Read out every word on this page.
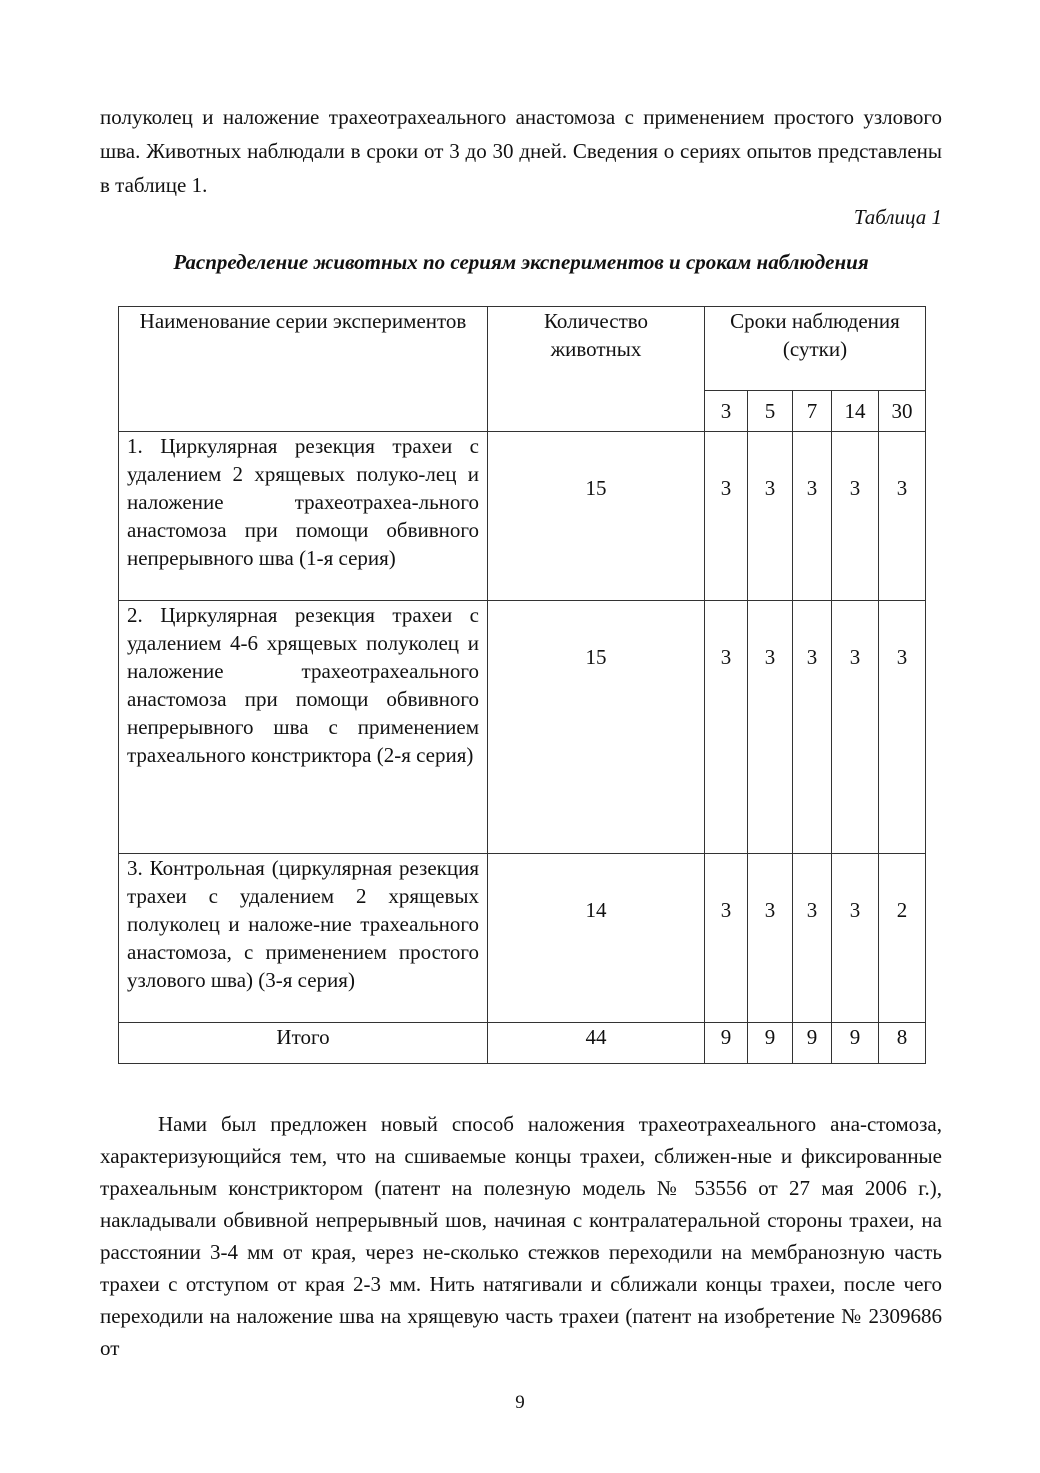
полуколец и наложение трахеотрахеального анастомоза с применением простого узлового шва. Животных наблюдали в сроки от 3 до 30 дней. Сведения о сериях опытов представлены в таблице 1.

Таблица 1
Распределение животных по сериям экспериментов и срокам наблюдения
Наименование серии экспериментов	Количество животных	Сроки наблюдения (сутки)				
		3	5	7	14	30
1. Циркулярная резекция трахеи с удалением 2 хрящевых полуко-лец и наложение трахеотрахеа-льного анастомоза при помощи обвивного непрерывного шва (1-я серия)	15	3	3	3	3	3
2. Циркулярная резекция трахеи с удалением 4-6 хрящевых полуколец и наложение трахеотрахеального анастомоза при помощи обвивного непрерывного шва с применением трахеального констриктора (2-я серия)	15	3	3	3	3	3
3. Контрольная (циркулярная резекция трахеи с удалением 2 хрящевых полуколец и наложе-ние трахеального анастомоза, с применением простого узлового шва) (3-я серия)	14	3	3	3	3	2
Итого	44	9	9	9	9	8

Нами был предложен новый способ наложения трахеотрахеального ана-стомоза, характеризующийся тем, что на сшиваемые концы трахеи, сближен-ные и фиксированные трахеальным констриктором (патент на полезную модель № 53556 от 27 мая 2006 г.), накладывали обвивной непрерывный шов, начиная с контралатеральной стороны трахеи, на расстоянии 3-4 мм от края, через не-сколько стежков переходили на мембранозную часть трахеи с отступом от края 2-3 мм. Нить натягивали и сближали концы трахеи, после чего переходили на наложение шва на хрящевую часть трахеи (патент на изобретение № 2309686 от

9
